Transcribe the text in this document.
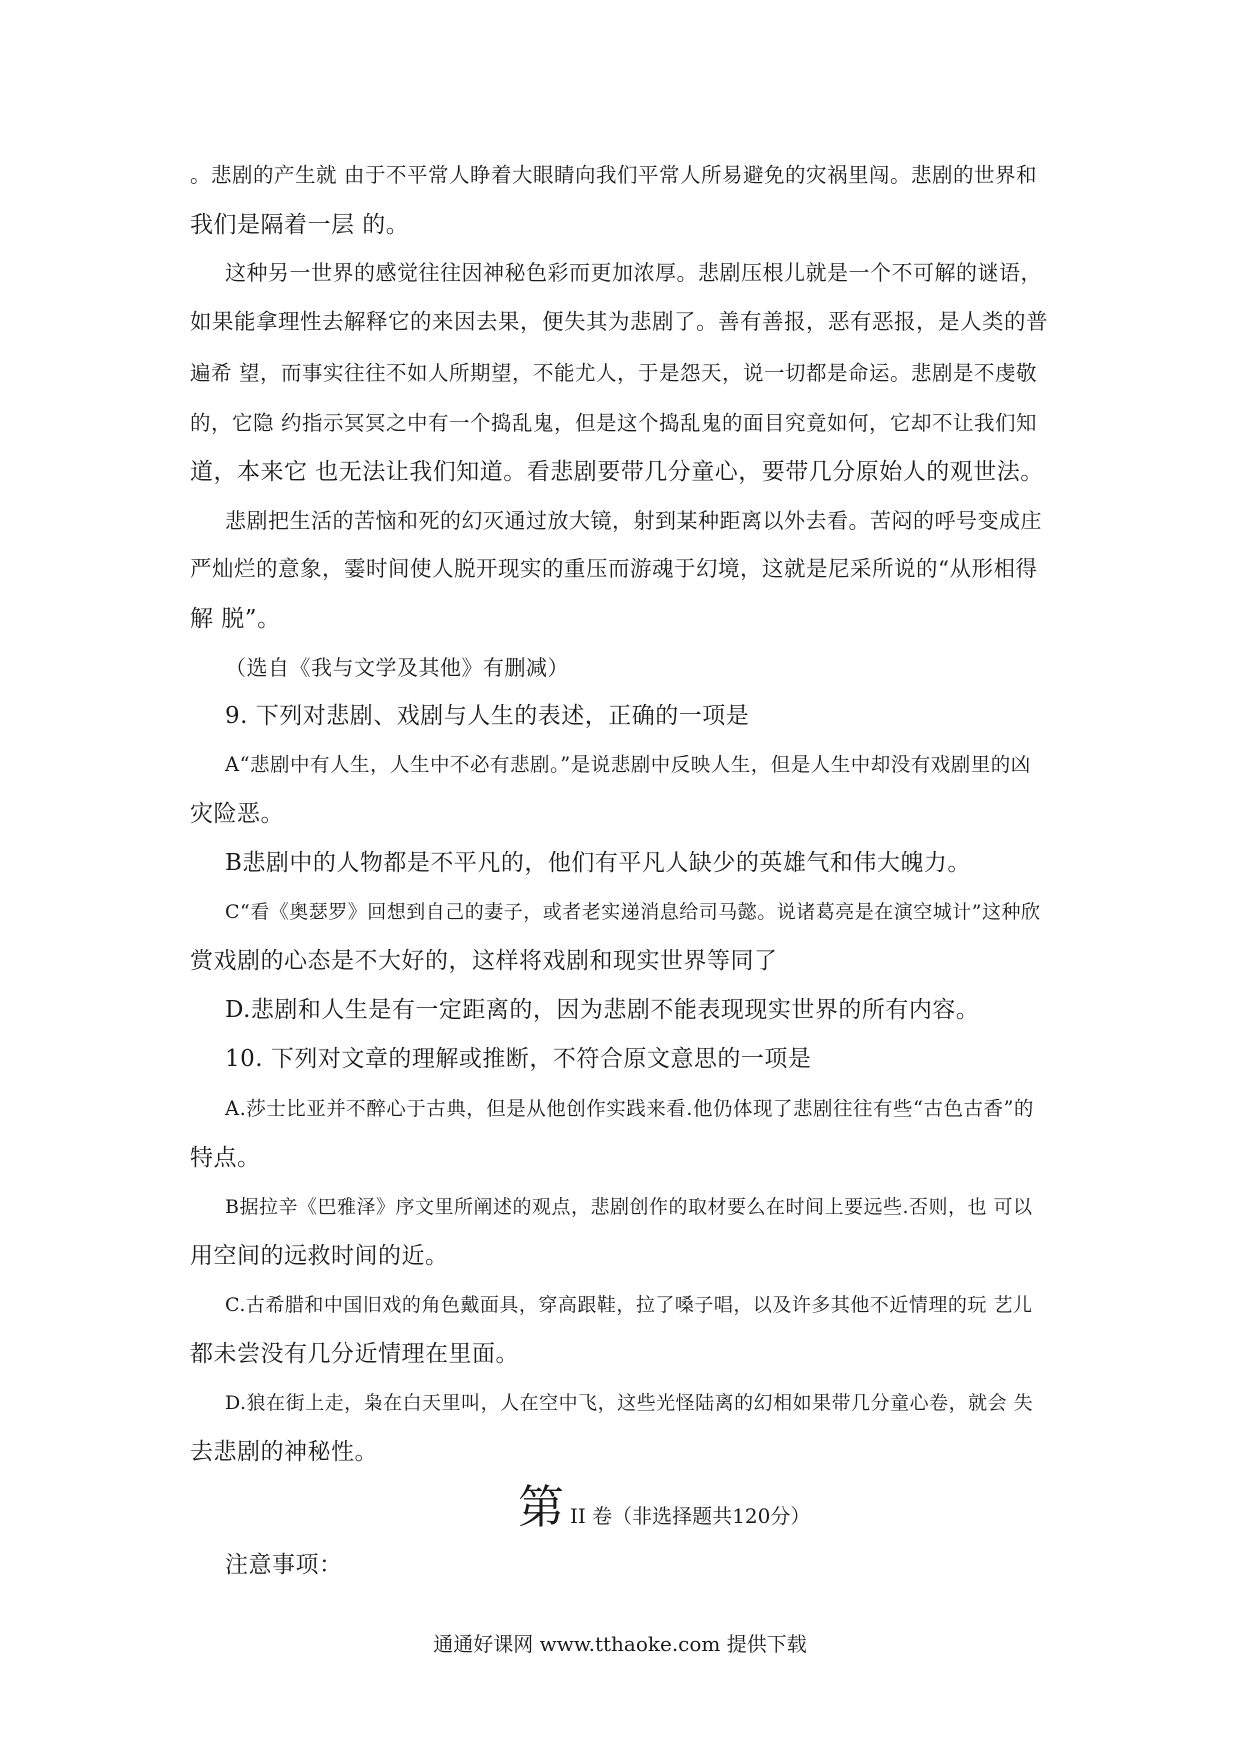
。悲剧的产生就 由于不平常人睁着大眼睛向我们平常人所易避免的灾祸里闯。悲剧的世界和
我们是隔着一层 的。
这种另一世界的感觉往往因神秘色彩而更加浓厚。悲剧压根儿就是一个不可解的谜语，
如果能拿理性去解释它的来因去果，便失其为悲剧了。善有善报，恶有恶报，是人类的普
遍希 望，而事实往往不如人所期望，不能尤人，于是怨天，说一切都是命运。悲剧是不虔敬
的，它隐 约指示冥冥之中有一个捣乱鬼，但是这个捣乱鬼的面目究竟如何，它却不让我们知
道，本来它 也无法让我们知道。看悲剧要带几分童心，要带几分原始人的观世法。
悲剧把生活的苦恼和死的幻灭通过放大镜，射到某种距离以外去看。苦闷的呼号变成庄
严灿烂的意象，霎时间使人脱开现实的重压而游魂于幻境，这就是尼采所说的“从形相得
解 脱”。
（选自《我与文学及其他》有删减）
9. 下列对悲剧、戏剧与人生的表述，正确的一项是
A“悲剧中有人生，人生中不必有悲剧。”是说悲剧中反映人生，但是人生中却没有戏剧里的凶
灾险恶。
B悲剧中的人物都是不平凡的，他们有平凡人缺少的英雄气和伟大魄力。
C“看《奥瑟罗》回想到自己的妻子，或者老实递消息给司马懿。说诸葛亮是在演空城计”这种欣
赏戏剧的心态是不大好的，这样将戏剧和现实世界等同了
D.悲剧和人生是有一定距离的，因为悲剧不能表现现实世界的所有内容。
10. 下列对文章的理解或推断，不符合原文意思的一项是
A.莎士比亚并不醉心于古典，但是从他创作实践来看.他仍体现了悲剧往往有些“古色古香”的
特点。
B据拉辛《巴雅泽》序文里所阐述的观点，悲剧创作的取材要么在时间上要远些.否则，也 可以
用空间的远救时间的近。
C.古希腊和中国旧戏的角色戴面具，穿高跟鞋，拉了嗓子唱，以及许多其他不近情理的玩 艺儿
都未尝没有几分近情理在里面。
D.狼在街上走，枭在白天里叫，人在空中飞，这些光怪陆离的幻相如果带几分童心卷，就会 失
去悲剧的神秘性。
第II 卷（非选择题共120分）
注意事项：
通通好课网 www.tthaoke.com 提供下载
